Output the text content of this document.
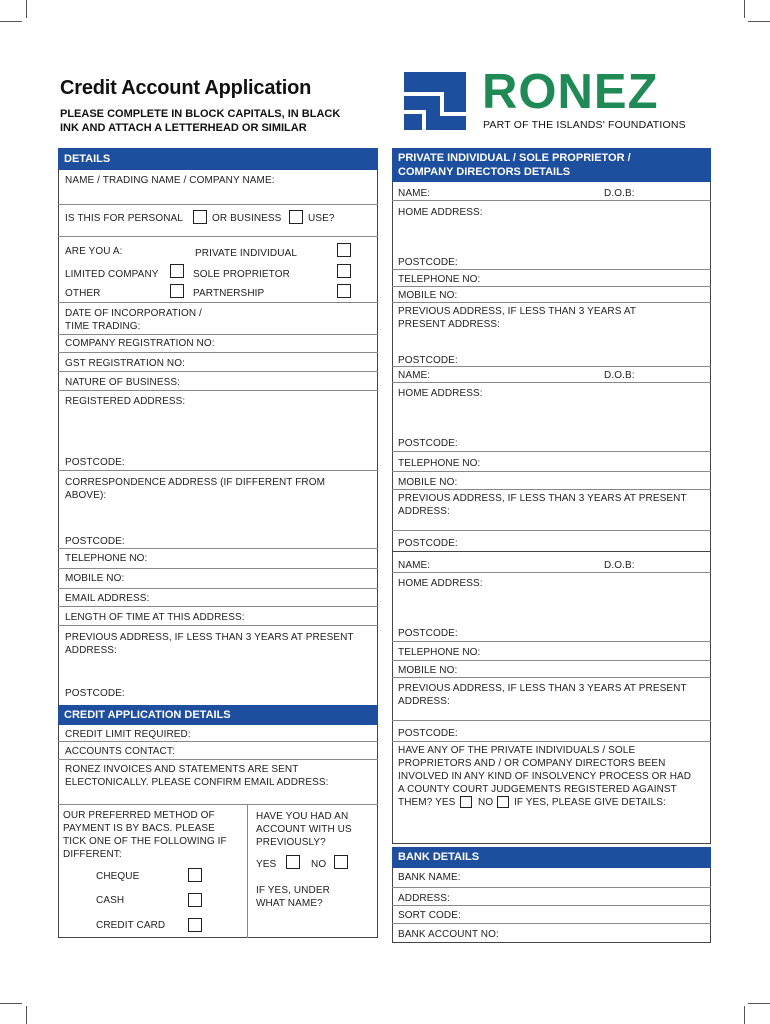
Credit Account Application
PLEASE COMPLETE IN BLOCK CAPITALS, IN BLACK
INK AND ATTACH A LETTERHEAD OR SIMILAR
RONEZ
PART OF THE ISLANDS' FOUNDATIONS
DETAILS
NAME / TRADING NAME / COMPANY NAME:
IS THIS FOR PERSONAL	OR BUSINESS	USE?
ARE YOU A:	PRIVATE INDIVIDUAL
LIMITED COMPANY	SOLE PROPRIETOR
OTHER	PARTNERSHIP
DATE OF INCORPORATION /
TIME TRADING:
COMPANY REGISTRATION NO:
GST REGISTRATION NO:
NATURE OF BUSINESS:
REGISTERED ADDRESS:
POSTCODE:
CORRESPONDENCE ADDRESS (IF DIFFERENT FROM
ABOVE):
POSTCODE:
TELEPHONE NO:
MOBILE NO:
EMAIL ADDRESS:
LENGTH OF TIME AT THIS ADDRESS:
PREVIOUS ADDRESS, IF LESS THAN 3 YEARS AT PRESENT
ADDRESS:
POSTCODE:
CREDIT APPLICATION DETAILS
CREDIT LIMIT REQUIRED:
ACCOUNTS CONTACT:
RONEZ INVOICES AND STATEMENTS ARE SENT
ELECTONICALLY. PLEASE CONFIRM EMAIL ADDRESS:
OUR PREFERRED METHOD OF
PAYMENT IS BY BACS. PLEASE
TICK ONE OF THE FOLLOWING IF
DIFFERENT:
CHEQUE
CASH
CREDIT CARD
HAVE YOU HAD AN
ACCOUNT WITH US
PREVIOUSLY?
YES	NO
IF YES, UNDER
WHAT NAME?
PRIVATE INDIVIDUAL / SOLE PROPRIETOR /
COMPANY DIRECTORS DETAILS
NAME:	D.O.B:
HOME ADDRESS:
POSTCODE:
TELEPHONE NO:
MOBILE NO:
PREVIOUS ADDRESS, IF LESS THAN 3 YEARS AT
PRESENT ADDRESS:
POSTCODE:
NAME:	D.O.B:
HOME ADDRESS:
POSTCODE:
TELEPHONE NO:
MOBILE NO:
PREVIOUS ADDRESS, IF LESS THAN 3 YEARS AT PRESENT
ADDRESS:
POSTCODE:
NAME:	D.O.B:
HOME ADDRESS:
POSTCODE:
TELEPHONE NO:
MOBILE NO:
PREVIOUS ADDRESS, IF LESS THAN 3 YEARS AT PRESENT
ADDRESS:
POSTCODE:
HAVE ANY OF THE PRIVATE INDIVIDUALS / SOLE
PROPRIETORS AND / OR COMPANY DIRECTORS BEEN
INVOLVED IN ANY KIND OF INSOLVENCY PROCESS OR HAD
A COUNTY COURT JUDGEMENTS REGISTERED AGAINST
THEM? YES NO IF YES, PLEASE GIVE DETAILS:
BANK DETAILS
BANK NAME:
ADDRESS:
SORT CODE:
BANK ACCOUNT NO:
